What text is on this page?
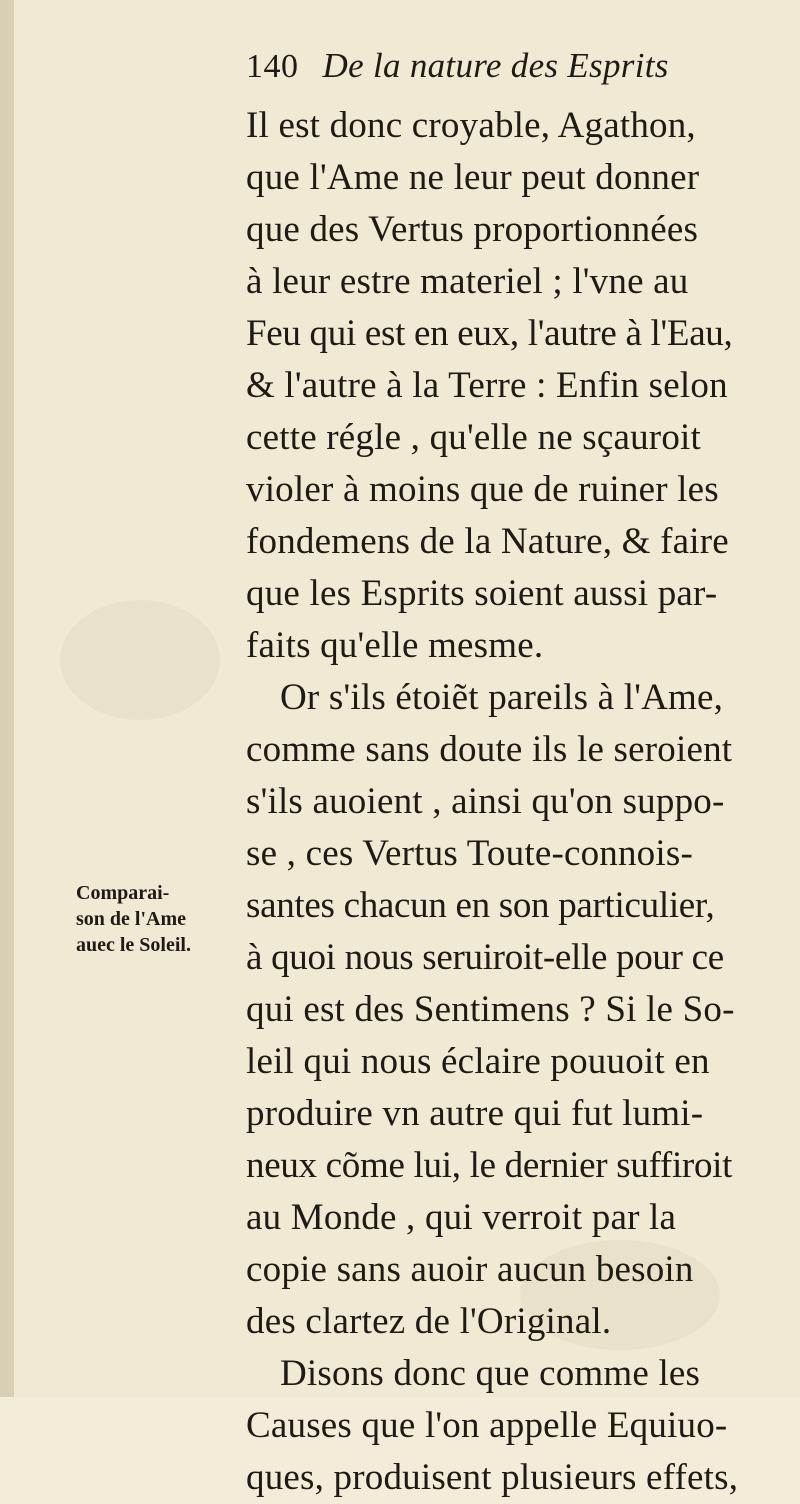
140 De la nature des Esprits
Il est donc croyable, Agathon,
que l'Ame ne leur peut donner
que des Vertus proportionnées
à leur estre materiel ; l'vne au
Feu qui est en eux, l'autre à l'Eau,
& l'autre à la Terre : Enfin selon
cette régle , qu'elle ne sçauroit
violer à moins que de ruiner les
fondemens de la Nature, & faire
que les Esprits soient aussi par-
faits qu'elle mesme.
Or s'ils étoiẽt pareils à l'Ame,
comme sans doute ils le seroient
s'ils auoient , ainsi qu'on suppo-
se , ces Vertus Toute-connois-
santes chacun en son particulier,
à quoi nous seruiroit-elle pour ce
qui est des Sentimens ? Si le So-
leil qui nous éclaire pouuoit en
produire vn autre qui fut lumi-
neux cõme lui, le dernier suffiroit
au Monde , qui verroit par la
copie sans auoir aucun besoin
des clartez de l'Original.
Disons donc que comme les
Causes que l'on appelle Equiuo-
ques, produisent plusieurs effets,
Comparai-
son de l'Ame
auec le Soleil.
